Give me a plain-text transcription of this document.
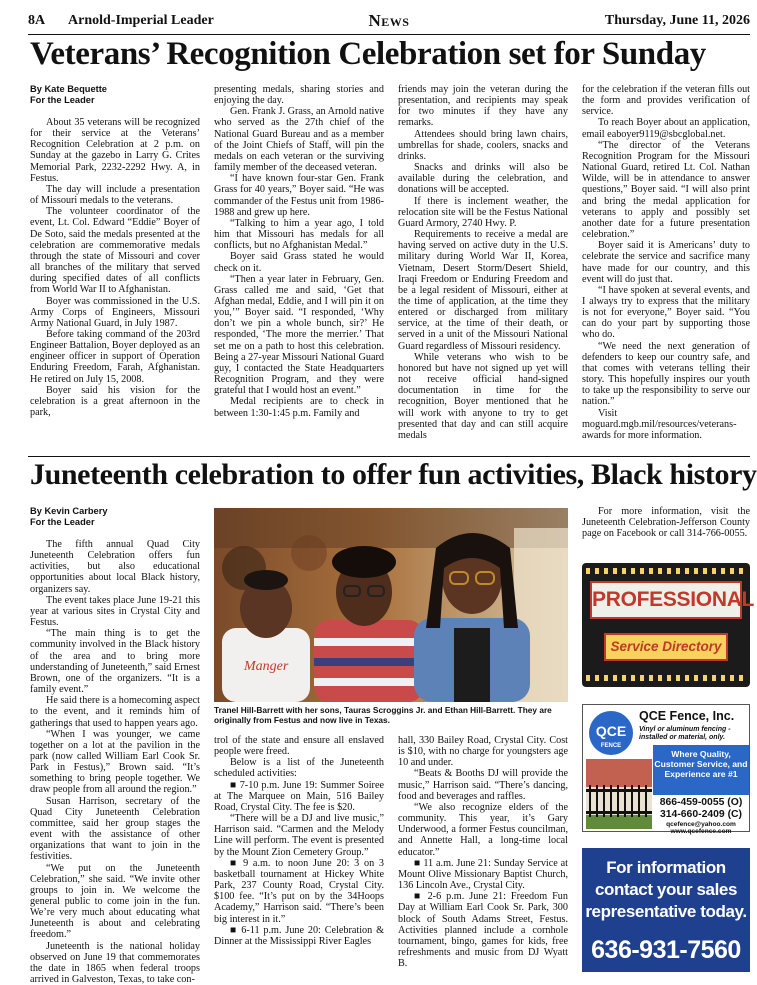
8A Arnold-Imperial Leader	News	Thursday, June 11, 2026
Veterans’ Recognition Celebration set for Sunday
By Kate Bequette
For the Leader

About 35 veterans will be recognized for their service at the Veterans’ Recognition Celebration at 2 p.m. on Sunday at the gazebo in Larry G. Crites Memorial Park, 2232-2292 Hwy. A, in Festus.

The day will include a presentation of Missouri medals to the veterans.

The volunteer coordinator of the event, Lt. Col. Edward “Eddie” Boyer of De Soto, said the medals presented at the celebration are commemorative medals through the state of Missouri and cover all branches of the military that served during specified dates of all conflicts from World War II to Afghanistan.

Boyer was commissioned in the U.S. Army Corps of Engineers, Missouri Army National Guard, in July 1987.

Before taking command of the 203rd Engineer Battalion, Boyer deployed as an engineer officer in support of Operation Enduring Freedom, Farah, Afghanistan. He retired on July 15, 2008.

Boyer said his vision for the celebration is a great afternoon in the park,

presenting medals, sharing stories and enjoying the day.

Gen. Frank J. Grass, an Arnold native who served as the 27th chief of the National Guard Bureau and as a member of the Joint Chiefs of Staff, will pin the medals on each veteran or the surviving family member of the deceased veteran.

“I have known four-star Gen. Frank Grass for 40 years,” Boyer said. “He was commander of the Festus unit from 1986-1988 and grew up here.

“Talking to him a year ago, I told him that Missouri has medals for all conflicts, but no Afghanistan Medal.”

Boyer said Grass stated he would check on it.

“Then a year later in February, Gen. Grass called me and said, ‘Get that Afghan medal, Eddie, and I will pin it on you,’” Boyer said. “I responded, ‘Why don’t we pin a whole bunch, sir?’ He responded, ‘The more the merrier.’ That set me on a path to host this celebration. Being a 27-year Missouri National Guard guy, I contacted the State Headquarters Recognition Program, and they were grateful that I would host an event.”

Medal recipients are to check in between 1:30-1:45 p.m. Family and

friends may join the veteran during the presentation, and recipients may speak for two minutes if they have any remarks.

Attendees should bring lawn chairs, umbrellas for shade, coolers, snacks and drinks.

Snacks and drinks will also be available during the celebration, and donations will be accepted.

If there is inclement weather, the relocation site will be the Festus National Guard Armory, 2740 Hwy. P.

Requirements to receive a medal are having served on active duty in the U.S. military during World War II, Korea, Vietnam, Desert Storm/Desert Shield, Iraqi Freedom or Enduring Freedom and be a legal resident of Missouri, either at the time of application, at the time they entered or discharged from military service, at the time of their death, or served in a unit of the Missouri National Guard regardless of Missouri residency.

While veterans who wish to be honored but have not signed up yet will not receive official hand-signed documentation in time for the recognition, Boyer mentioned that he will work with anyone to try to get presented that day and can still acquire medals

for the celebration if the veteran fills out the form and provides verification of service.

To reach Boyer about an application, email eaboyer9119@sbcglobal.net.

“The director of the Veterans Recognition Program for the Missouri National Guard, retired Lt. Col. Nathan Wilde, will be in attendance to answer questions,” Boyer said. “I will also print and bring the medal application for veterans to apply and possibly set another date for a future presentation celebration.”

Boyer said it is Americans’ duty to celebrate the service and sacrifice many have made for our country, and this event will do just that.

“I have spoken at several events, and I always try to express that the military is not for everyone,” Boyer said. “You can do your part by supporting those who do.

“We need the next generation of defenders to keep our country safe, and that comes with veterans telling their story. This hopefully inspires our youth to take up the responsibility to serve our nation.”

Visit moguard.mgb.mil/resources/veterans-awards for more information.

Juneteenth celebration to offer fun activities, Black history
By Kevin Carbery
For the Leader

The fifth annual Quad City Juneteenth Celebration offers fun activities, but also educational opportunities about local Black history, organizers say.

The event takes place June 19-21 this year at various sites in Crystal City and Festus.

“The main thing is to get the community involved in the Black history of the area and to bring more understanding of Juneteenth,” said Ernest Brown, one of the organizers. “It is a family event.”

He said there is a homecoming aspect to the event, and it reminds him of gatherings that used to happen years ago.

“When I was younger, we came together on a lot at the pavilion in the park (now called William Earl Cook Sr. Park in Festus),” Brown said. “It’s something to bring people together. We draw people from all around the region.”

Susan Harrison, secretary of the Quad City Juneteenth Celebration committee, said her group stages the event with the assistance of other organizations that want to join in the festivities.

“We put on the Juneteenth Celebration,” she said. “We invite other groups to join in. We welcome the general public to come join in the fun. We’re very much about educating what Juneteenth is about and celebrating freedom.”

Juneteenth is the national holiday observed on June 19 that commemorates the date in 1865 when federal troops arrived in Galveston, Texas, to take con-

Manger
Tranel Hill-Barrett with her sons, Tauras Scroggins Jr. and Ethan Hill-Barrett. They are originally from Festus and now live in Texas.

trol of the state and ensure all enslaved people were freed.

Below is a list of the Juneteenth scheduled activities:

■ 7-10 p.m. June 19: Summer Soiree at The Marquee on Main, 516 Bailey Road, Crystal City. The fee is $20.

“There will be a DJ and live music,” Harrison said. “Carmen and the Melody Line will perform. The event is presented by the Mount Zion Cemetery Group.”

■ 9 a.m. to noon June 20: 3 on 3 basketball tournament at Hickey White Park, 237 County Road, Crystal City. $100 fee. “It’s put on by the 34Hoops Academy,” Harrison said. “There’s been big interest in it.”

■ 6-11 p.m. June 20: Celebration & Dinner at the Mississippi River Eagles

hall, 330 Bailey Road, Crystal City. Cost is $10, with no charge for youngsters age 10 and under.

“Beats & Booths DJ will provide the music,” Harrison said. “There’s dancing, food and beverages and raffles.

“We also recognize elders of the community. This year, it’s Gary Underwood, a former Festus councilman, and Annette Hall, a long-time local educator.”

■ 11 a.m. June 21: Sunday Service at Mount Olive Missionary Baptist Church, 136 Lincoln Ave., Crystal City.

■ 2-6 p.m. June 21: Freedom Fun Day at William Earl Cook Sr. Park, 300 block of South Adams Street, Festus. Activities planned include a cornhole tournament, bingo, games for kids, free refreshments and music from DJ Wyatt B.

For more information, visit the Juneteenth Celebration-Jefferson County page on Facebook or call 314-766-0055.

PROFESSIONAL
Service Directory
QCE
FENCE
QCE Fence, Inc.
Vinyl or aluminum fencing - installed or material, only.
Where Quality, Customer Service, and Experience are #1
866-459-0055 (O)
314-660-2409 (C)
qcefence@yahoo.com
www.qcefence.com
For information
contact your sales
representative today.
636-931-7560
